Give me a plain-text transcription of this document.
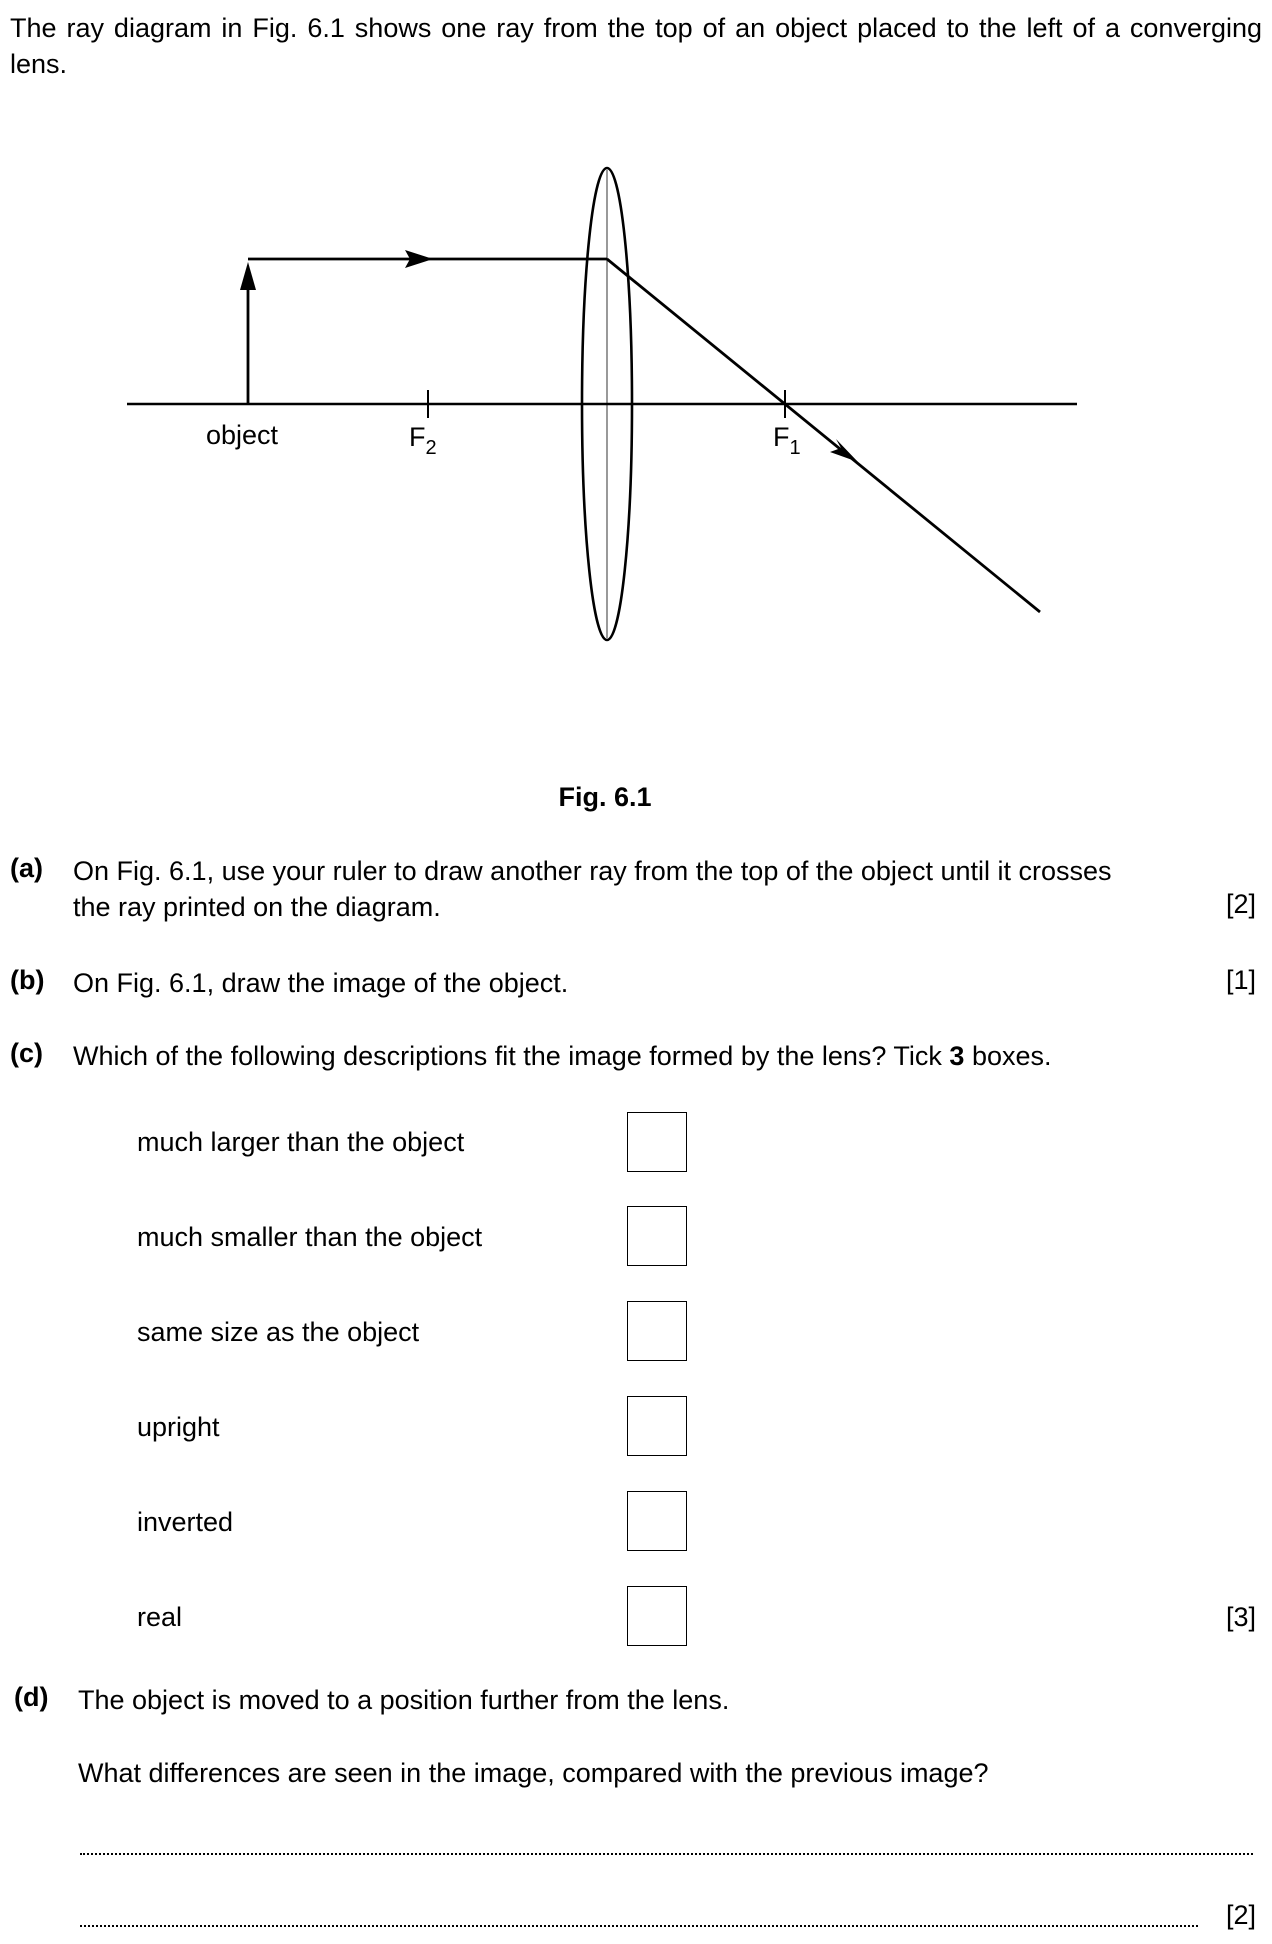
The ray diagram in Fig. 6.1 shows one ray from the top of an object placed to the left of a converging lens.
object	$F_2$	$F_1$
Fig. 6.1
(a) On Fig. 6.1, use your ruler to draw another ray from the top of the object until it crosses
the ray printed on the diagram.	[2]
(b) On Fig. 6.1, draw the image of the object.	[1]
(c) Which of the following descriptions fit the image formed by the lens? Tick 3 boxes.
much larger than the object
much smaller than the object
same size as the object
upright
inverted
real	[3]
(d) The object is moved to a position further from the lens.
What differences are seen in the image, compared with the previous image?
[2]
